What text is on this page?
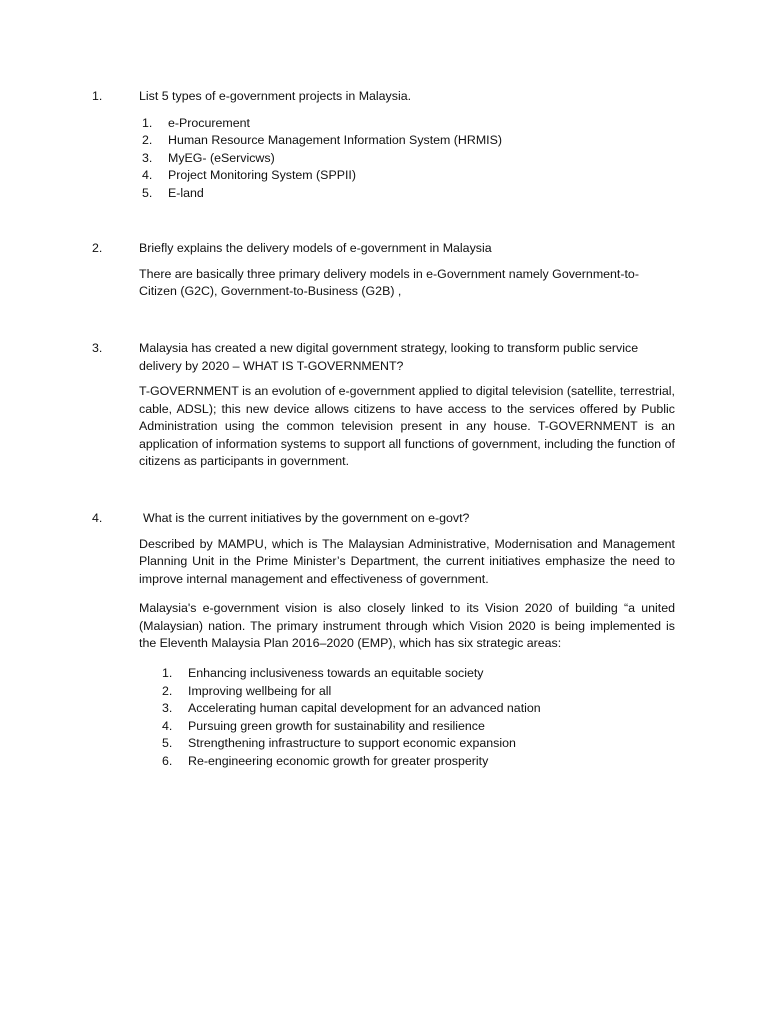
1.	List 5 types of e-government projects in Malaysia.
1. e-Procurement
2. Human Resource Management Information System (HRMIS)
3. MyEG- (eServicws)
4. Project Monitoring System (SPPII)
5. E-land
2.	Briefly explains the delivery models of e-government in Malaysia

There are basically three primary delivery models in e-Government namely Government-to-Citizen (G2C), Government-to-Business (G2B) ,

3.	Malaysia has created a new digital government strategy, looking to transform public service delivery by 2020 – WHAT IS T-GOVERNMENT?

T-GOVERNMENT is an evolution of e-government applied to digital television (satellite, terrestrial, cable, ADSL); this new device allows citizens to have access to the services offered by Public Administration using the common television present in any house. T-GOVERNMENT is an application of information systems to support all functions of government, including the function of citizens as participants in government.

4.	What is the current initiatives by the government on e-govt?

Described by MAMPU, which is The Malaysian Administrative, Modernisation and Management Planning Unit in the Prime Minister’s Department, the current initiatives emphasize the need to improve internal management and effectiveness of government.

Malaysia's e-government vision is also closely linked to its Vision 2020 of building “a united (Malaysian) nation. The primary instrument through which Vision 2020 is being implemented is the Eleventh Malaysia Plan 2016–2020 (EMP), which has six strategic areas:

1. Enhancing inclusiveness towards an equitable society
2. Improving wellbeing for all
3. Accelerating human capital development for an advanced nation
4. Pursuing green growth for sustainability and resilience
5. Strengthening infrastructure to support economic expansion
6. Re-engineering economic growth for greater prosperity
